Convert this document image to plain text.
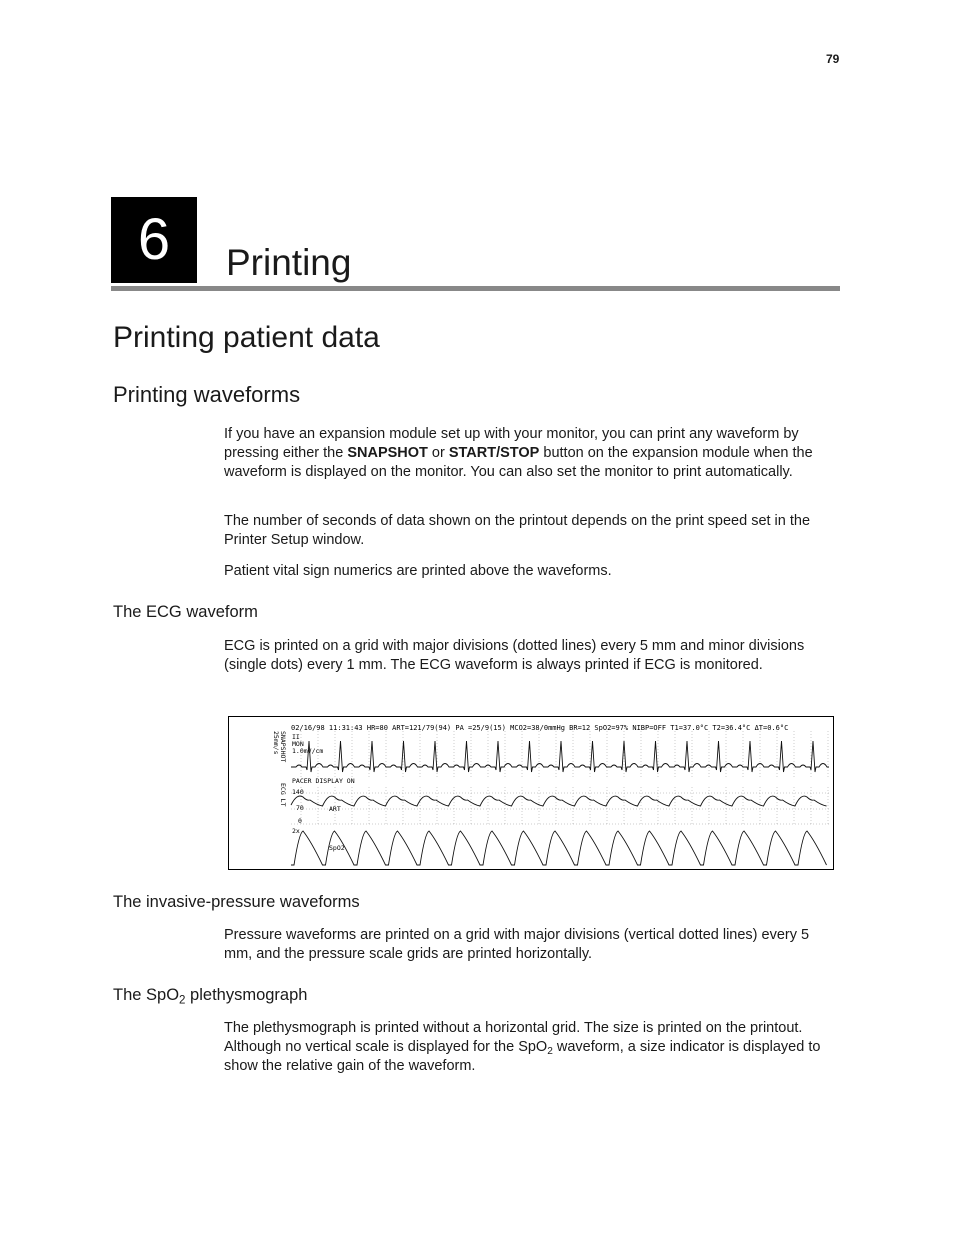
79
6	Printing
Printing patient data
Printing waveforms

If you have an expansion module set up with your monitor, you can print any waveform by pressing either the SNAPSHOT or START/STOP button on the expansion module when the waveform is displayed on the monitor. You can also set the monitor to print automatically.

The number of seconds of data shown on the printout depends on the print speed set in the Printer Setup window.

Patient vital sign numerics are printed above the waveforms.

The ECG waveform

ECG is printed on a grid with major divisions (dotted lines) every 5 mm and minor divisions (single dots) every 1 mm. The ECG waveform is always printed if ECG is monitored.

02/16/98 11:31:43 HR=80 ART=121/79(94) PA =25/9(15) MCO2=38/0mmHg BR=12 SpO2=97% NIBP=OFF T1=37.0°C T2=36.4°C ΔT=0.6°C
25mm/s SNAPSHOT
ECG LT
II
MON
1.0mV/cm
PACER DISPLAY ON
140
70	ART
0
2x
SpO2
The invasive-pressure waveforms

Pressure waveforms are printed on a grid with major divisions (vertical dotted lines) every 5 mm, and the pressure scale grids are printed horizontally.

The SpO$_2$ plethysmograph

The plethysmograph is printed without a horizontal grid. The size is printed on the printout. Although no vertical scale is displayed for the SpO$_2$ waveform, a size indicator is displayed to show the relative gain of the waveform.
